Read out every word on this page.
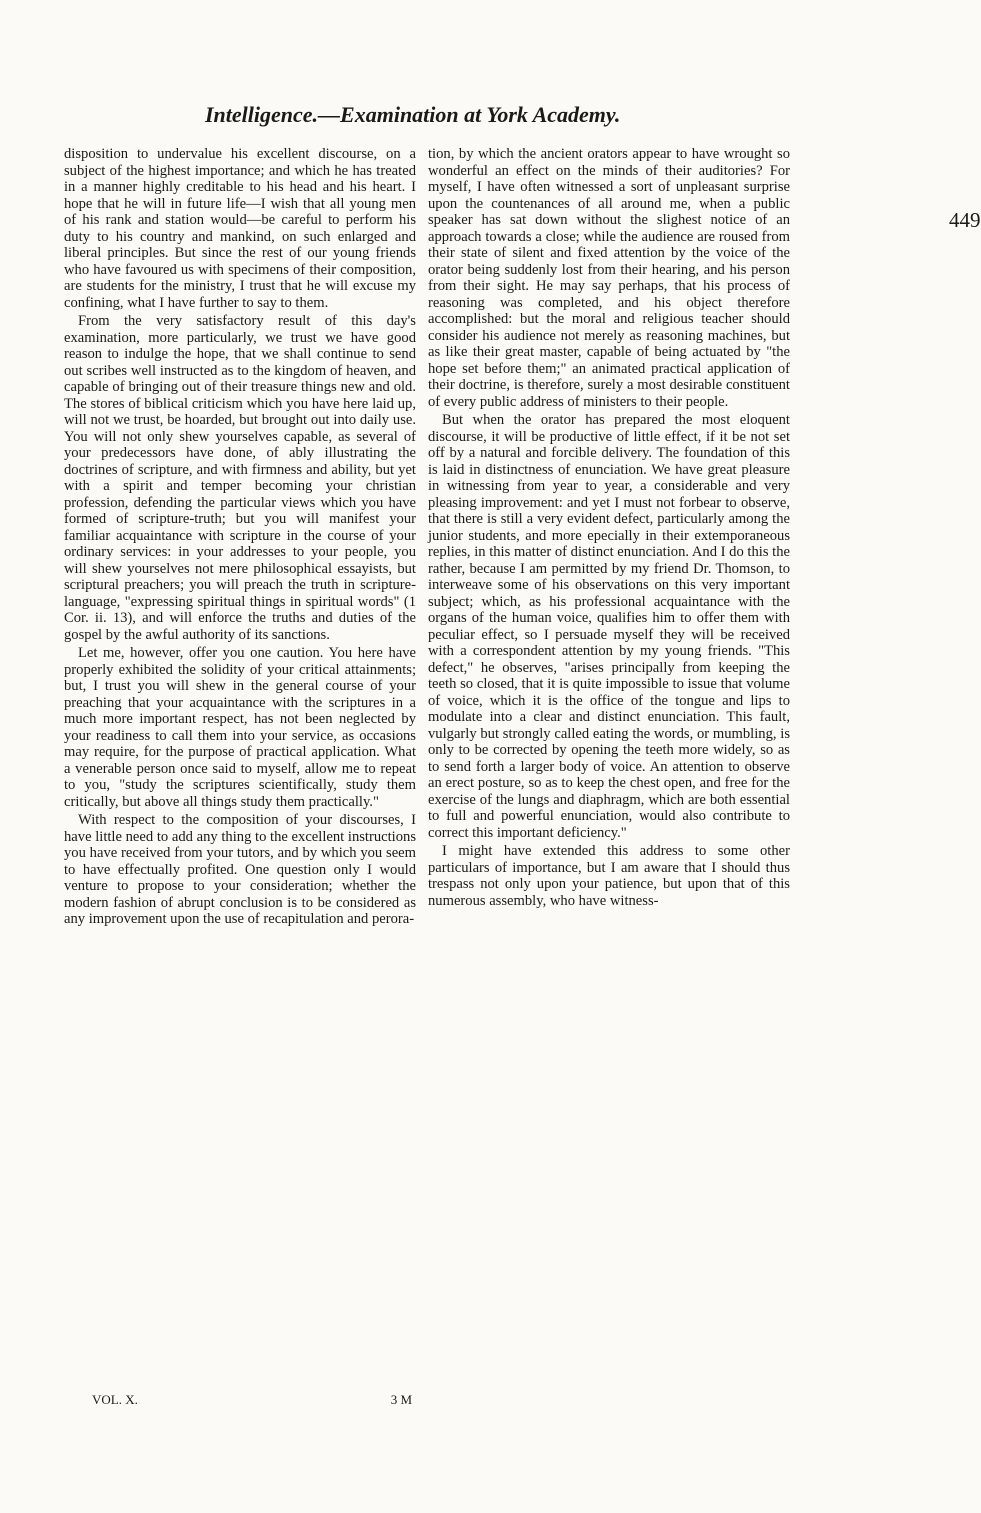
Intelligence.—Examination at York Academy.
449

disposition to undervalue his excellent discourse, on a subject of the highest importance; and which he has treated in a manner highly creditable to his head and his heart. I hope that he will in future life—I wish that all young men of his rank and station would—be careful to perform his duty to his country and mankind, on such enlarged and liberal principles. But since the rest of our young friends who have favoured us with specimens of their composition, are students for the ministry, I trust that he will excuse my confining, what I have further to say to them.

From the very satisfactory result of this day's examination, more particularly, we trust we have good reason to indulge the hope, that we shall continue to send out scribes well instructed as to the kingdom of heaven, and capable of bringing out of their treasure things new and old. The stores of biblical criticism which you have here laid up, will not we trust, be hoarded, but brought out into daily use. You will not only shew yourselves capable, as several of your predecessors have done, of ably illustrating the doctrines of scripture, and with firmness and ability, but yet with a spirit and temper becoming your christian profession, defending the particular views which you have formed of scripture-truth; but you will manifest your familiar acquaintance with scripture in the course of your ordinary services: in your addresses to your people, you will shew yourselves not mere philosophical essayists, but scriptural preachers; you will preach the truth in scripture-language, "expressing spiritual things in spiritual words" (1 Cor. ii. 13), and will enforce the truths and duties of the gospel by the awful authority of its sanctions.

Let me, however, offer you one caution. You here have properly exhibited the solidity of your critical attainments; but, I trust you will shew in the general course of your preaching that your acquaintance with the scriptures in a much more important respect, has not been neglected by your readiness to call them into your service, as occasions may require, for the purpose of practical application. What a venerable person once said to myself, allow me to repeat to you, "study the scriptures scientifically, study them critically, but above all things study them practically."

With respect to the composition of your discourses, I have little need to add any thing to the excellent instructions you have received from your tutors, and by which you seem to have effectually profited. One question only I would venture to propose to your consideration; whether the modern fashion of abrupt conclusion is to be considered as any improvement upon the use of recapitulation and perora-

tion, by which the ancient orators appear to have wrought so wonderful an effect on the minds of their auditories? For myself, I have often witnessed a sort of unpleasant surprise upon the countenances of all around me, when a public speaker has sat down without the slighest notice of an approach towards a close; while the audience are roused from their state of silent and fixed attention by the voice of the orator being suddenly lost from their hearing, and his person from their sight. He may say perhaps, that his process of reasoning was completed, and his object therefore accomplished: but the moral and religious teacher should consider his audience not merely as reasoning machines, but as like their great master, capable of being actuated by "the hope set before them;" an animated practical application of their doctrine, is therefore, surely a most desirable constituent of every public address of ministers to their people.

But when the orator has prepared the most eloquent discourse, it will be productive of little effect, if it be not set off by a natural and forcible delivery. The foundation of this is laid in distinctness of enunciation. We have great pleasure in witnessing from year to year, a considerable and very pleasing improvement: and yet I must not forbear to observe, that there is still a very evident defect, particularly among the junior students, and more epecially in their extemporaneous replies, in this matter of distinct enunciation. And I do this the rather, because I am permitted by my friend Dr. Thomson, to interweave some of his observations on this very important subject; which, as his professional acquaintance with the organs of the human voice, qualifies him to offer them with peculiar effect, so I persuade myself they will be received with a correspondent attention by my young friends. "This defect," he observes, "arises principally from keeping the teeth so closed, that it is quite impossible to issue that volume of voice, which it is the office of the tongue and lips to modulate into a clear and distinct enunciation. This fault, vulgarly but strongly called eating the words, or mumbling, is only to be corrected by opening the teeth more widely, so as to send forth a larger body of voice. An attention to observe an erect posture, so as to keep the chest open, and free for the exercise of the lungs and diaphragm, which are both essential to full and powerful enunciation, would also contribute to correct this important deficiency."

I might have extended this address to some other particulars of importance, but I am aware that I should thus trespass not only upon your patience, but upon that of this numerous assembly, who have witness-

VOL. X.	3 M
